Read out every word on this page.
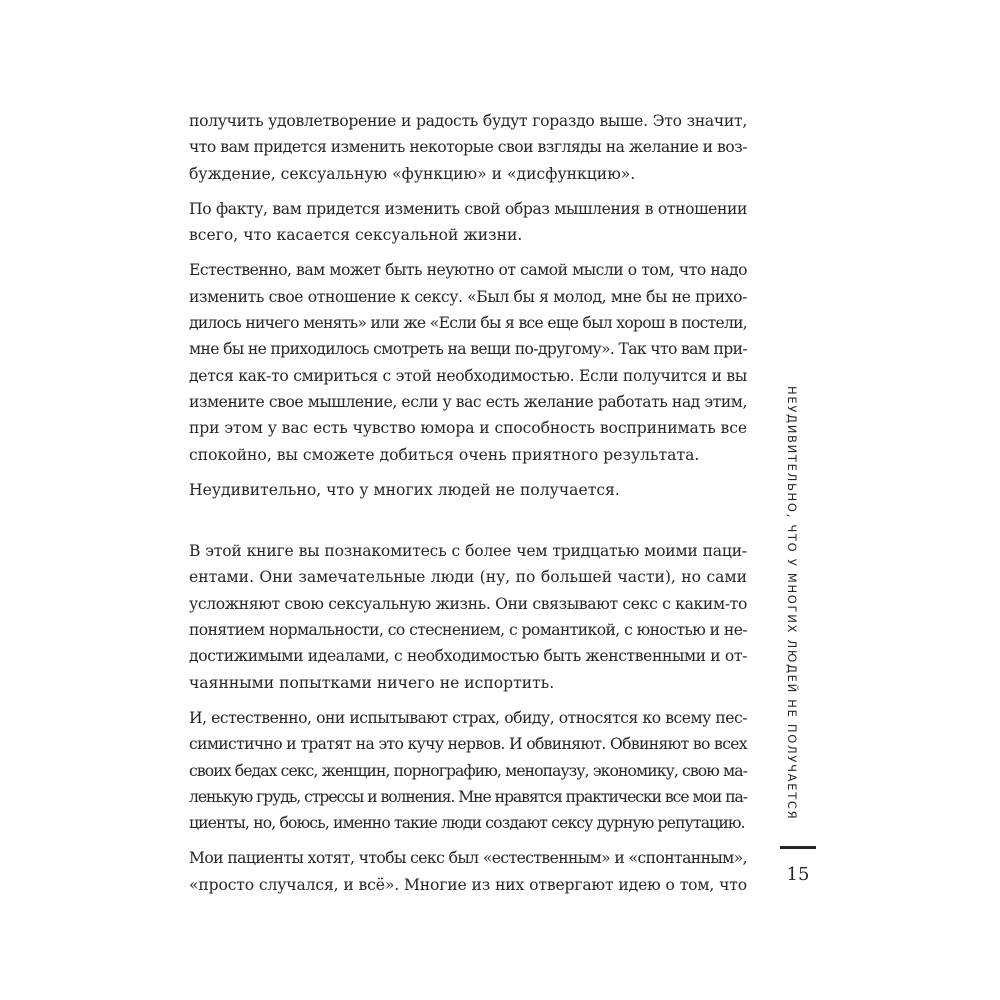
получить удовлетворение и радость будут гораздо выше. Это значит,
что вам придется изменить некоторые свои взгляды на желание и воз-
буждение, сексуальную «функцию» и «дисфункцию».

По факту, вам придется изменить свой образ мышления в отношении
всего, что касается сексуальной жизни.

Естественно, вам может быть неуютно от самой мысли о том, что надо
изменить свое отношение к сексу. «Был бы я молод, мне бы не прихо-
дилось ничего менять» или же «Если бы я все еще был хорош в постели,
мне бы не приходилось смотреть на вещи по-другому». Так что вам при-
дется как-то смириться с этой необходимостью. Если получится и вы
измените свое мышление, если у вас есть желание работать над этим,
при этом у вас есть чувство юмора и способность воспринимать все
спокойно, вы сможете добиться очень приятного результата.

Неудивительно, что у многих людей не получается.

В этой книге вы познакомитесь с более чем тридцатью моими паци-
ентами. Они замечательные люди (ну, по большей части), но сами
усложняют свою сексуальную жизнь. Они связывают секс с каким-то
понятием нормальности, со стеснением, с романтикой, с юностью и не-
достижимыми идеалами, с необходимостью быть женственными и от-
чаянными попытками ничего не испортить.

И, естественно, они испытывают страх, обиду, относятся ко всему пес-
симистично и тратят на это кучу нервов. И обвиняют. Обвиняют во всех
своих бедах секс, женщин, порнографию, менопаузу, экономику, свою ма-
ленькую грудь, стрессы и волнения. Мне нравятся практически все мои па-
циенты, но, боюсь, именно такие люди создают сексу дурную репутацию.

Мои пациенты хотят, чтобы секс был «естественным» и «спонтанным»,
«просто случался, и всё». Многие из них отвергают идею о том, что

НЕУДИВИТЕЛЬНО, ЧТО У МНОГИХ ЛЮДЕЙ НЕ ПОЛУЧАЕТСЯ
15
